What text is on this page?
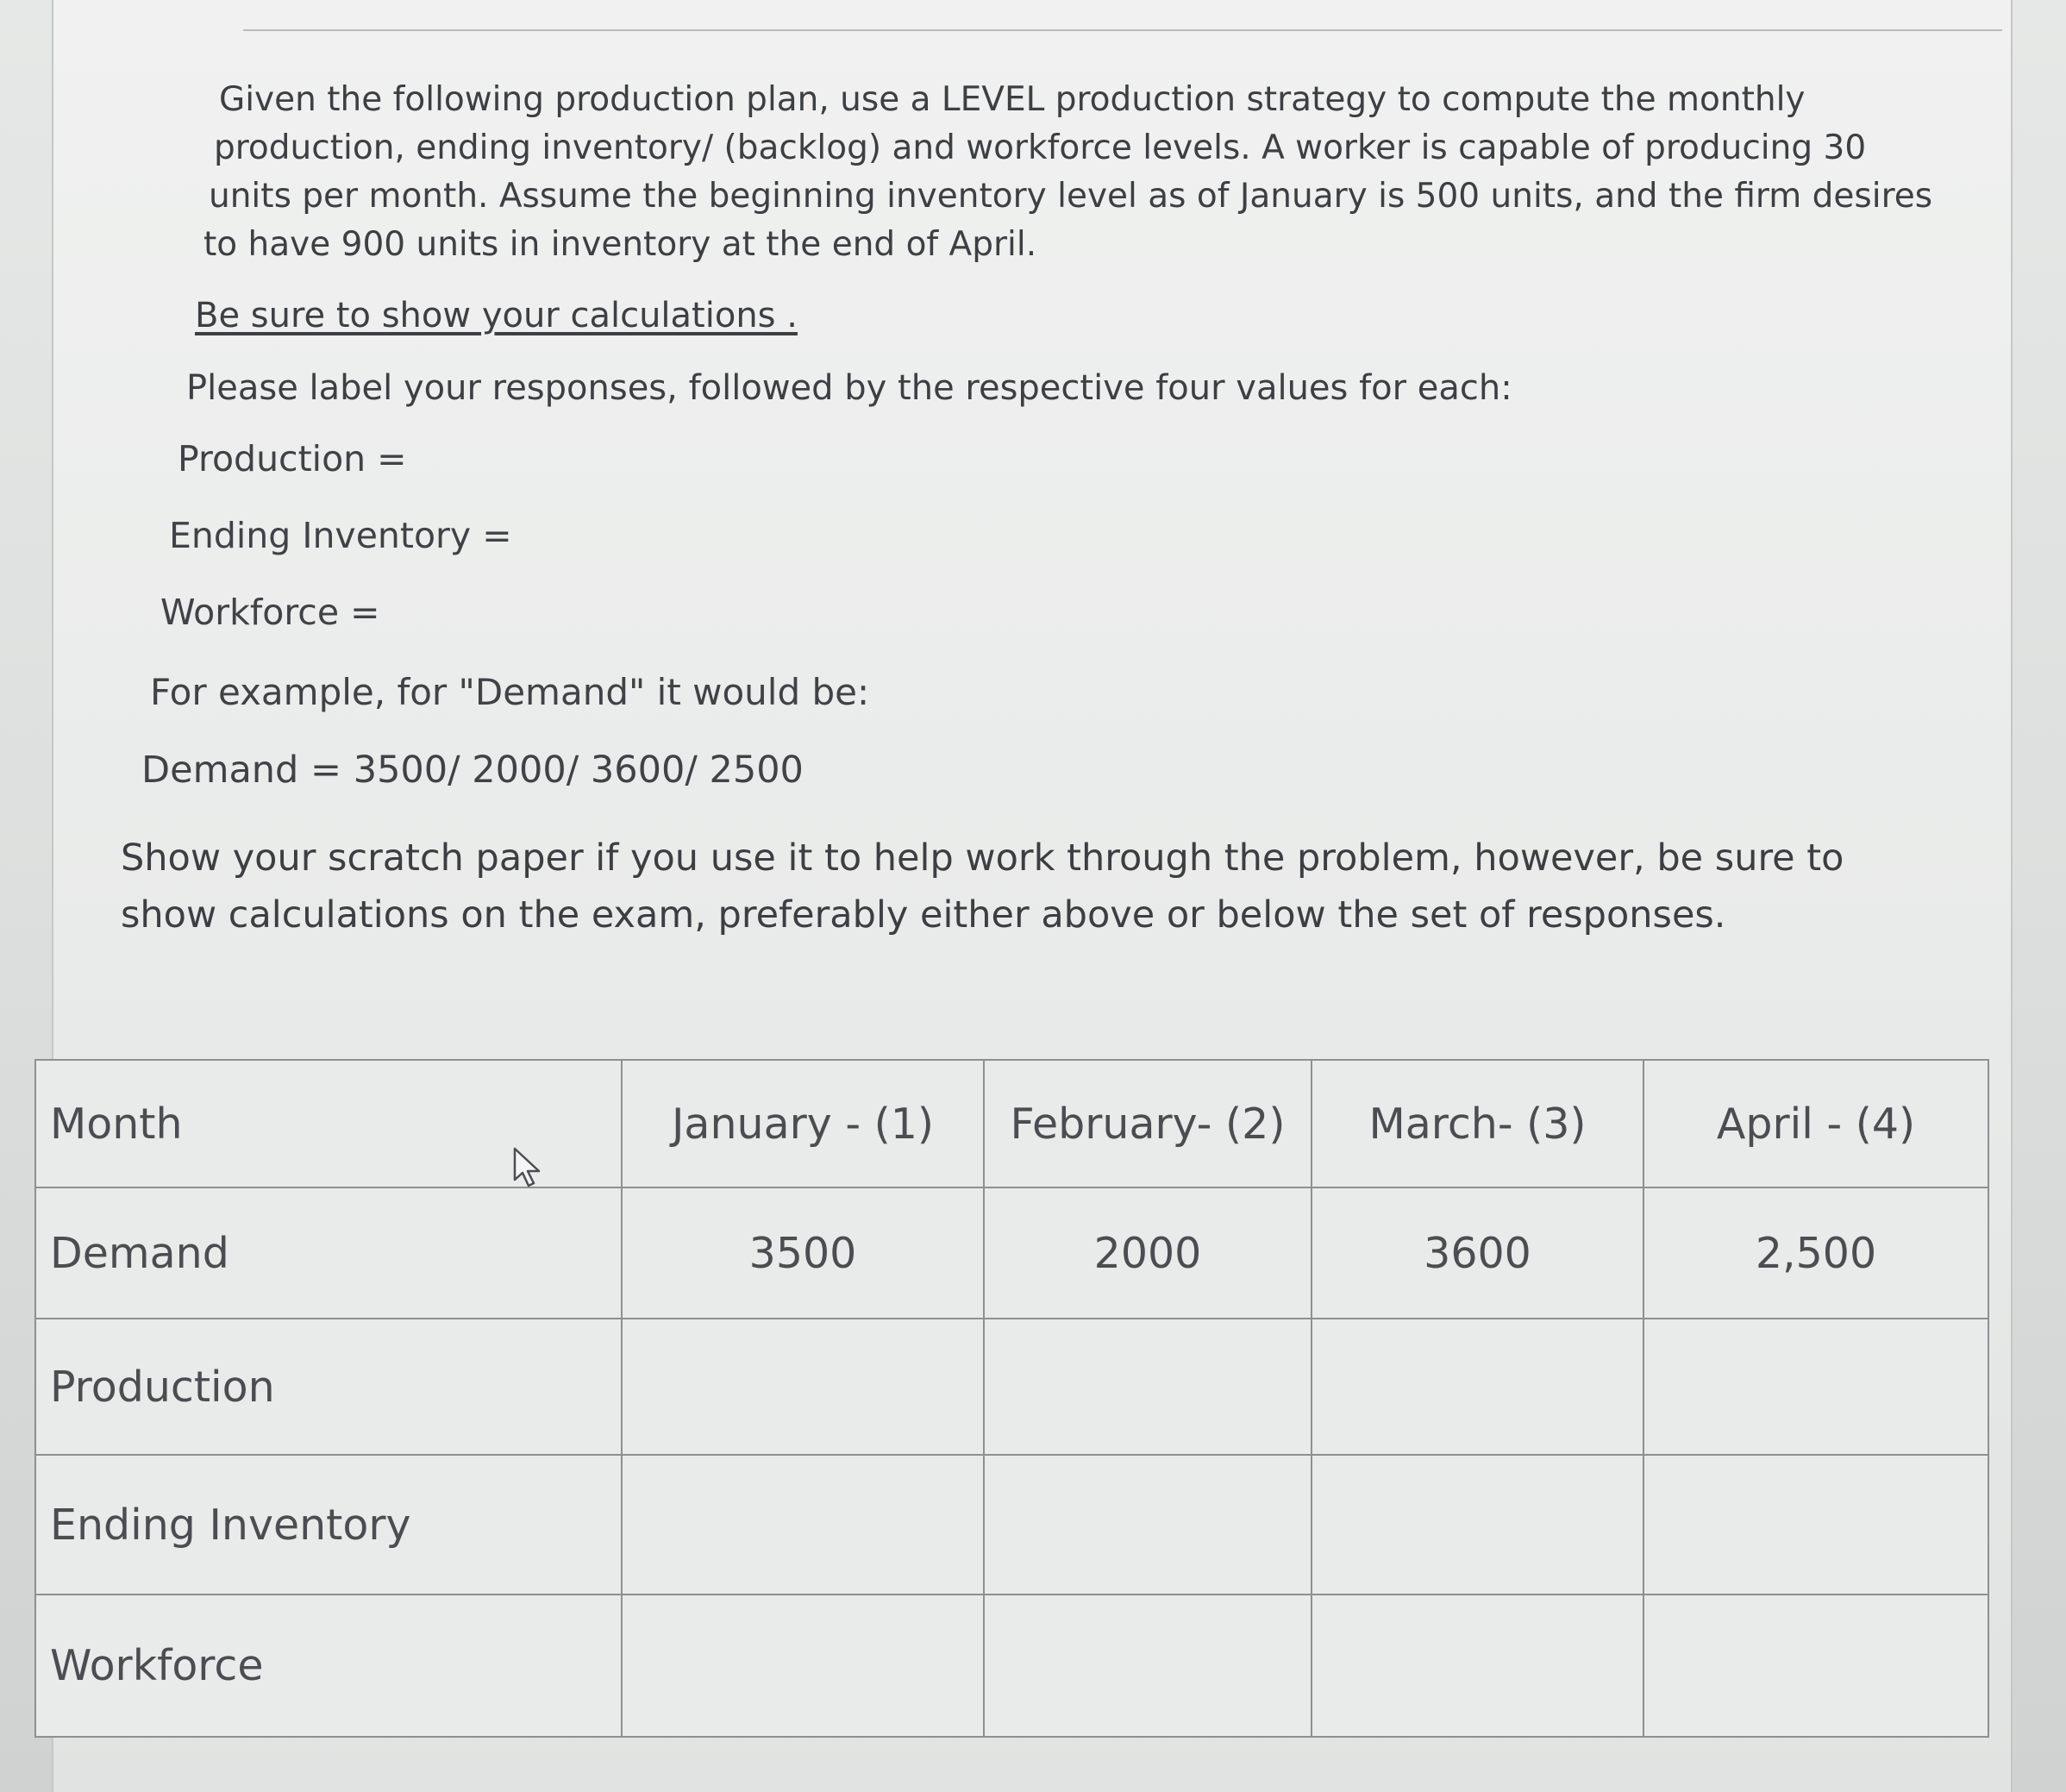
Given the following production plan, use a LEVEL production strategy to compute the monthly

production, ending inventory/ (backlog) and workforce levels. A worker is capable of producing 30

units per month. Assume the beginning inventory level as of January is 500 units, and the firm desires

to have 900 units in inventory at the end of April.

Be sure to show your calculations .

Please label your responses, followed by the respective four values for each:

Production =

Ending Inventory =

Workforce =

For example, for "Demand" it would be:

Demand = 3500/ 2000/ 3600/ 2500

Show your scratch paper if you use it to help work through the problem, however, be sure to show calculations on the exam, preferably either above or below the set of responses.

Month	January - (1)	February- (2)	March- (3)	April - (4)
Demand	3500	2000	3600	2,500
Production				
Ending Inventory				
Workforce				
